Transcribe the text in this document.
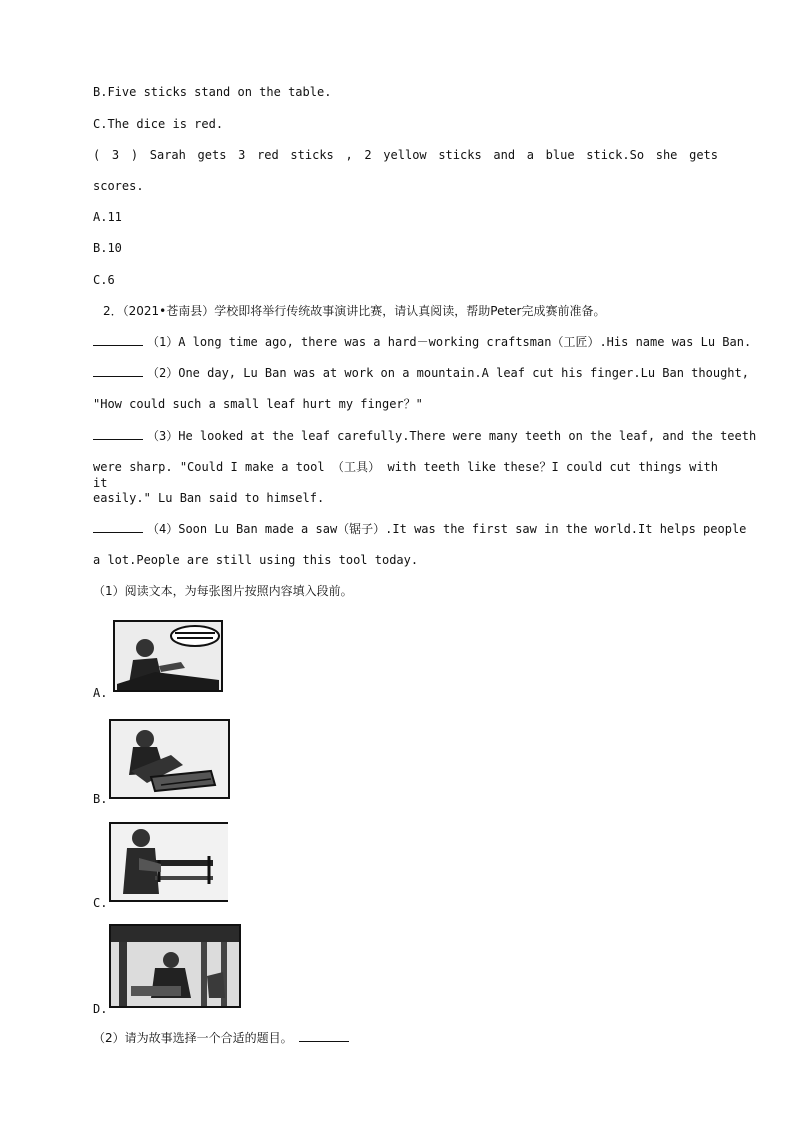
B.Five sticks stand on the table.
C.The dice is red.
( 3 ) Sarah gets 3 red sticks , 2 yellow sticks and a blue stick.So she gets
scores.
A.11
B.10
C.6
2．（2021•苍南县）学校即将举行传统故事演讲比赛，请认真阅读，帮助Peter完成赛前准备。
（1）A long time ago, there was a hard－working craftsman（工匠）.His name was Lu Ban.
（2）One day, Lu Ban was at work on a mountain.A leaf cut his finger.Lu Ban thought,
"How could such a small leaf hurt my finger？"
（3）He looked at the leaf carefully.There were many teeth on the leaf, and the teeth
were sharp. "Could I make a tool （工具） with teeth like these？I could cut things with it
easily." Lu Ban said to himself.
（4）Soon Lu Ban made a saw（锯子）.It was the first saw in the world.It helps people
a lot.People are still using this tool today.
（1）阅读文本，为每张图片按照内容填入段前。
A.
B.
C.
D.
（2）请为故事选择一个合适的题目。
